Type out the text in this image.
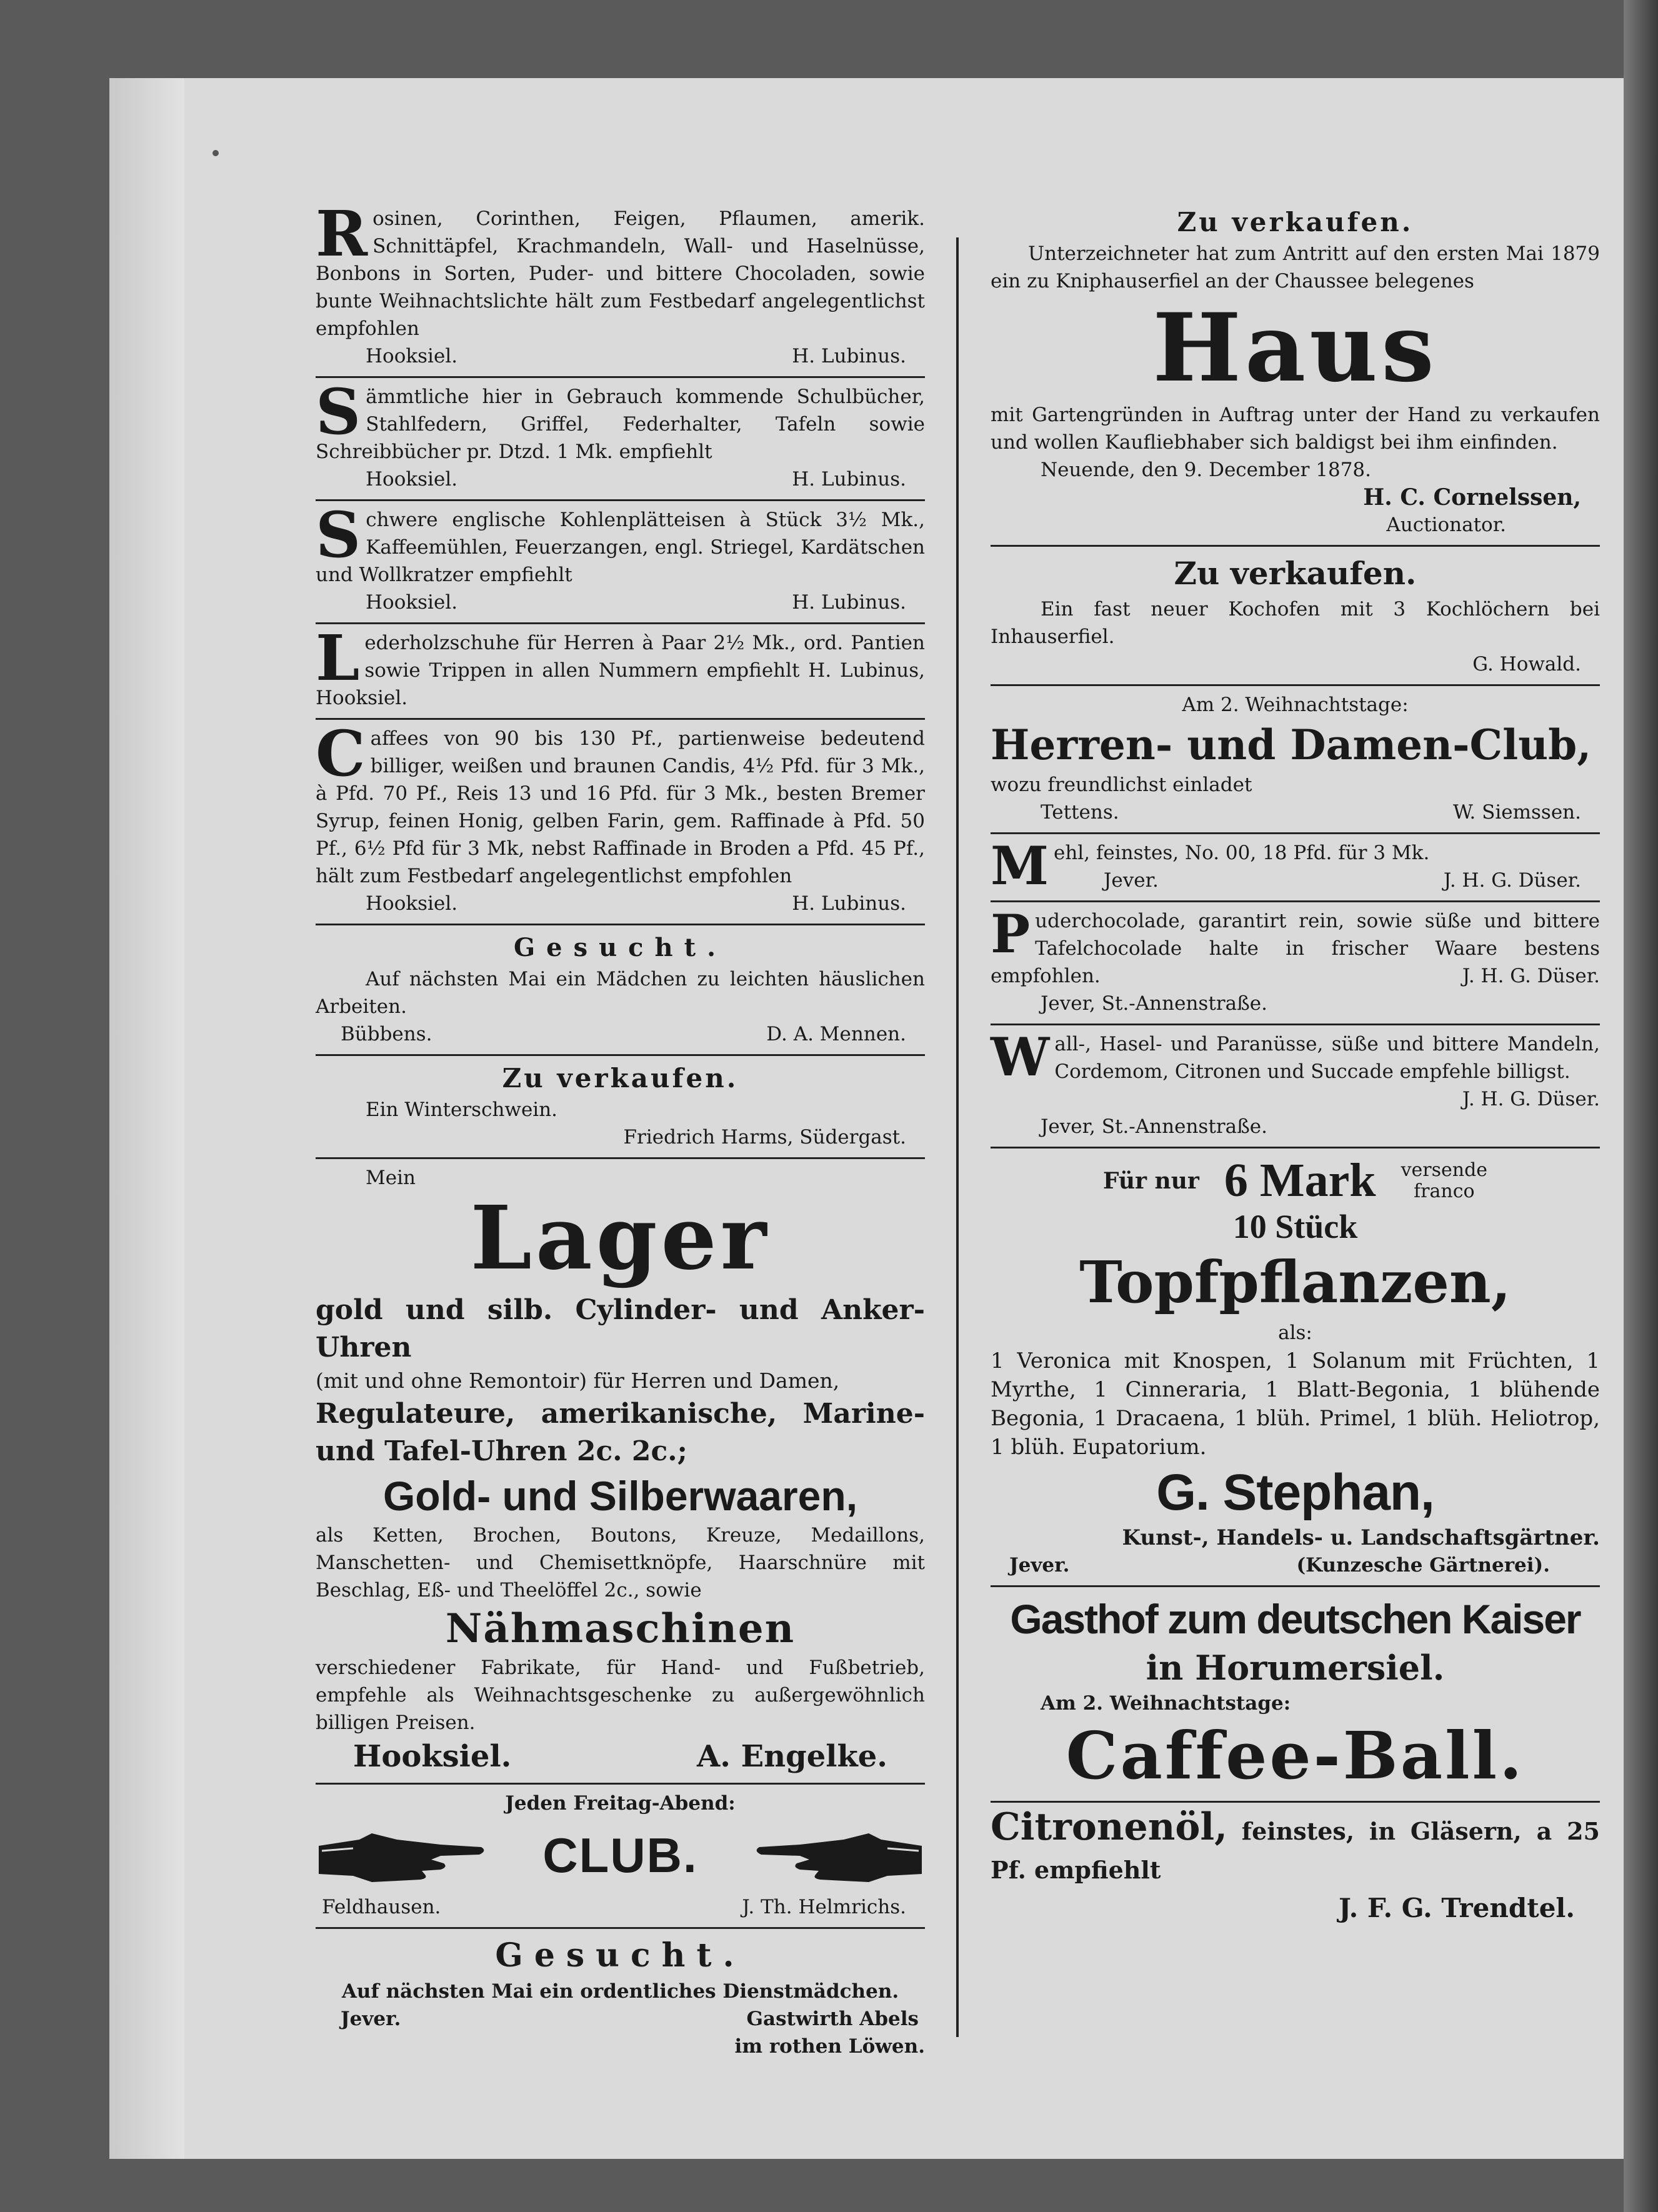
Rosinen, Corinthen, Feigen, Pflaumen, amerik. Schnittäpfel, Krachmandeln, Wall- und Haselnüsse, Bonbons in Sorten, Puder- und bittere Chocoladen, sowie bunte Weihnachtslichte hält zum Festbedarf angelegentlichst empfohlen

Hooksiel.	H. Lubinus.

Sämmtliche hier in Gebrauch kommende Schulbücher, Stahlfedern, Griffel, Federhalter, Tafeln sowie Schreibbücher pr. Dtzd. 1 Mk. empfiehlt

Hooksiel.	H. Lubinus.

Schwere englische Kohlenplätteisen à Stück 3½ Mk., Kaffeemühlen, Feuerzangen, engl. Striegel, Kardätschen und Wollkratzer empfiehlt

Hooksiel.	H. Lubinus.

Lederholzschuhe für Herren à Paar 2½ Mk., ord. Pantien sowie Trippen in allen Nummern empfiehlt H. Lubinus, Hooksiel.

Caffees von 90 bis 130 Pf., partienweise bedeutend billiger, weißen und braunen Candis, 4½ Pfd. für 3 Mk., à Pfd. 70 Pf., Reis 13 und 16 Pfd. für 3 Mk., besten Bremer Syrup, feinen Honig, gelben Farin, gem. Raffinade à Pfd. 50 Pf., 6½ Pfd für 3 Mk, nebst Raffinade in Broden a Pfd. 45 Pf., hält zum Festbedarf angelegentlichst empfohlen

Hooksiel.	H. Lubinus.
Gesucht.

Auf nächsten Mai ein Mädchen zu leichten häuslichen Arbeiten.

Bübbens.	D. A. Mennen.
Zu verkaufen.

Ein Winterschwein.

Friedrich Harms, Südergast.

Mein

Lager

gold und silb. Cylinder- und Anker-Uhren

(mit und ohne Remontoir) für Herren und Damen,

Regulateure, amerikanische, Marine- und Tafel-Uhren 2c. 2c.;

Gold- und Silberwaaren,

als Ketten, Brochen, Boutons, Kreuze, Medaillons, Manschetten- und Chemisettknöpfe, Haarschnüre mit Beschlag, Eß- und Theelöffel 2c., sowie

Nähmaschinen

verschiedener Fabrikate, für Hand- und Fußbetrieb, empfehle als Weihnachtsgeschenke zu außergewöhnlich billigen Preisen.

Hooksiel.	A. Engelke.

Jeden Freitag-Abend:

CLUB.
Feldhausen.	J. Th. Helmrichs.
Gesucht.

Auf nächsten Mai ein ordentliches Dienstmädchen.

Jever.	Gastwirth Abels
im rothen Löwen.
Zu verkaufen.

Unterzeichneter hat zum Antritt auf den ersten Mai 1879 ein zu Kniphauserfiel an der Chaussee belegenes

Haus

mit Gartengründen in Auftrag unter der Hand zu verkaufen und wollen Kaufliebhaber sich baldigst bei ihm einfinden.

Neuende, den 9. December 1878.

H. C. Cornelssen,

Auctionator.

Zu verkaufen.

Ein fast neuer Kochofen mit 3 Kochlöchern bei Inhauserfiel.

G. Howald.

Am 2. Weihnachtstage:

Herren- und Damen-Club,

wozu freundlichst einladet

Tettens.	W. Siemssen.

Mehl, feinstes, No. 00, 18 Pfd. für 3 Mk.

Jever.	J. H. G. Düser.

Puderchocolade, garantirt rein, sowie süße und bittere Tafelchocolade halte in frischer Waare bestens empfohlen.	J. H. G. Düser.

Jever, St.-Annenstraße.

Wall-, Hasel- und Paranüsse, süße und bittere Mandeln, Cordemom, Citronen und Succade empfehle billigst.
J. H. G. Düser.

Jever, St.-Annenstraße.

Für nur 6 Mark versende
franco
10 Stück
Topfpflanzen,

als:

1 Veronica mit Knospen, 1 Solanum mit Früchten, 1 Myrthe, 1 Cinneraria, 1 Blatt-Begonia, 1 blühende Begonia, 1 Dracaena, 1 blüh. Primel, 1 blüh. Heliotrop, 1 blüh. Eupatorium.

G. Stephan,

Kunst-, Handels- u. Landschaftsgärtner.

Jever.	(Kunzesche Gärtnerei).
Gasthof zum deutschen Kaiser
in Horumersiel.

Am 2. Weihnachtstage:

Caffee-Ball.

Citronenöl, feinstes, in Gläsern, a 25 Pf. empfiehlt

J. F. G. Trendtel.
